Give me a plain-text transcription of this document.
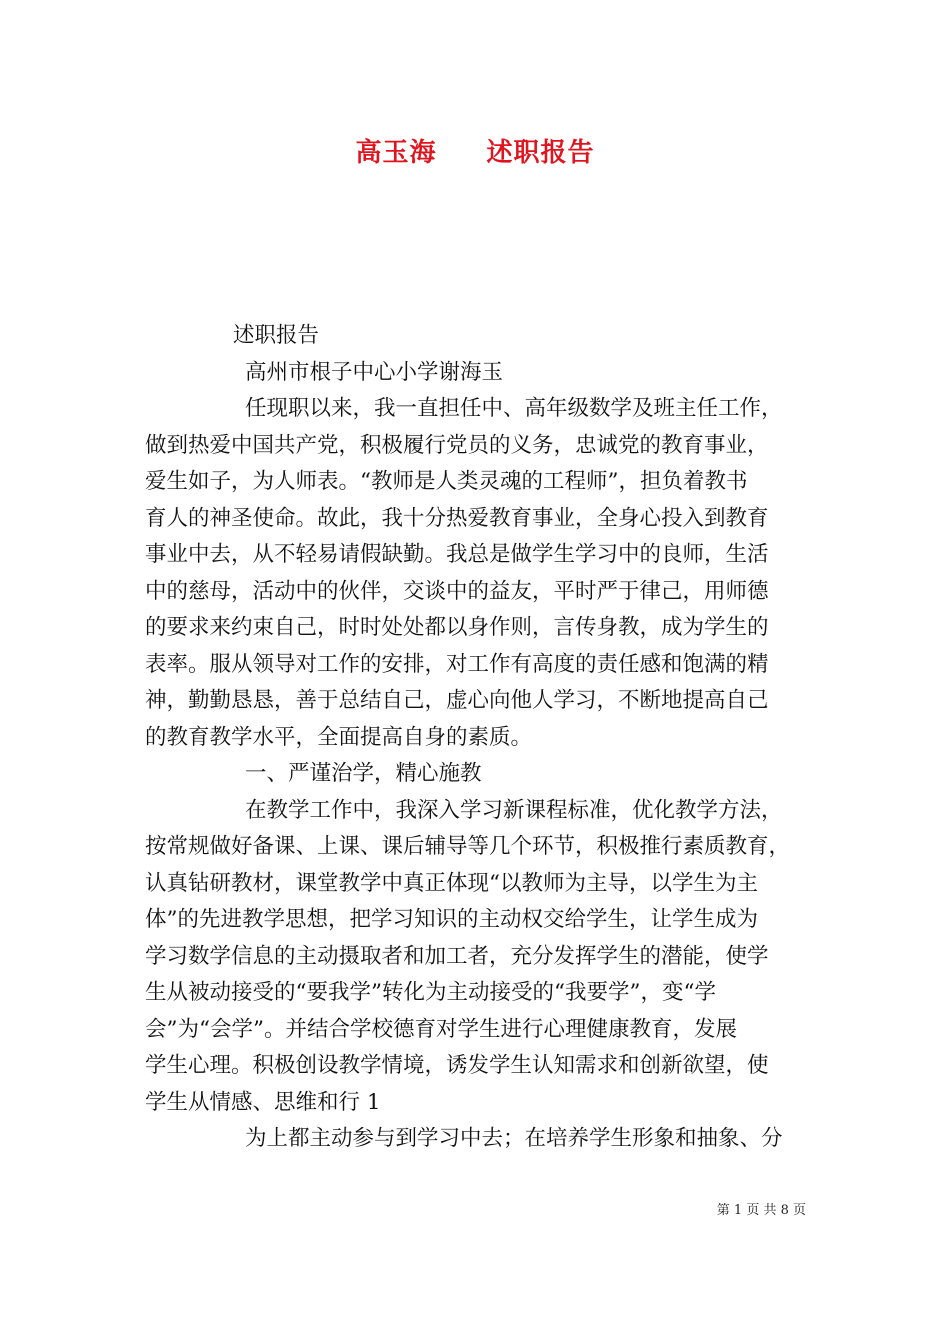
高玉海 述职报告
述职报告
高州市根子中心小学谢海玉
任现职以来，我一直担任中、高年级数学及班主任工作，
做到热爱中国共产党，积极履行党员的义务，忠诚党的教育事业，
爱生如子，为人师表。“教师是人类灵魂的工程师”，担负着教书
育人的神圣使命。故此，我十分热爱教育事业，全身心投入到教育
事业中去，从不轻易请假缺勤。我总是做学生学习中的良师，生活
中的慈母，活动中的伙伴，交谈中的益友，平时严于律己，用师德
的要求来约束自己，时时处处都以身作则，言传身教，成为学生的
表率。服从领导对工作的安排，对工作有高度的责任感和饱满的精
神，勤勤恳恳，善于总结自己，虚心向他人学习，不断地提高自己
的教育教学水平，全面提高自身的素质。
一、严谨治学，精心施教
在教学工作中，我深入学习新课程标准，优化教学方法，
按常规做好备课、上课、课后辅导等几个环节，积极推行素质教育，
认真钻研教材，课堂教学中真正体现“以教师为主导，以学生为主
体”的先进教学思想，把学习知识的主动权交给学生，让学生成为
学习数学信息的主动摄取者和加工者，充分发挥学生的潜能，使学
生从被动接受的“要我学”转化为主动接受的“我要学”，变“学
会”为“会学”。并结合学校德育对学生进行心理健康教育，发展
学生心理。积极创设教学情境，诱发学生认知需求和创新欲望，使
学生从情感、思维和行 1
为上都主动参与到学习中去；在培养学生形象和抽象、分
第 1 页 共 8 页
